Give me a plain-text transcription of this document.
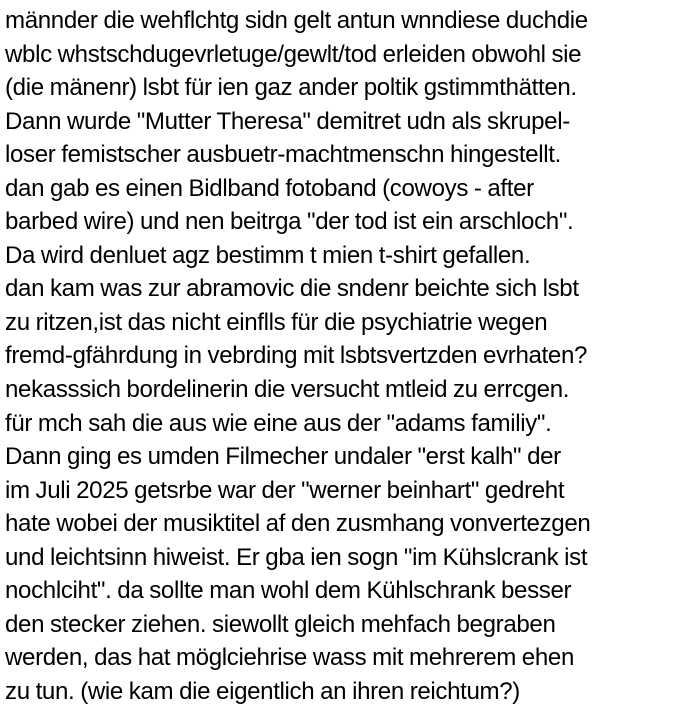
männder die wehflchtg sidn gelt antun wnndiese duchdie
wblc whstschdugevrletuge/gewlt/tod erleiden obwohl sie
(die mänenr) lsbt für ien gaz ander poltik gstimmthätten.
Dann wurde "Mutter Theresa" demitret udn als skrupel-
loser femistscher ausbuetr-machtmenschn hingestellt.
dan gab es einen Bidlband fotoband (cowoys - after
barbed wire) und nen beitrga "der tod ist ein arschloch".
Da wird denluet agz bestimm t mien t-shirt gefallen.
dan kam was zur abramovic die sndenr beichte sich lsbt
zu ritzen,ist das nicht einflls für die psychiatrie wegen
fremd-gfährdung in vebrding mit lsbtsvertzden evrhaten?
nekasssich bordelinerin die versucht mtleid zu errcgen.
für mch sah die aus wie eine aus der "adams familiy".
Dann ging es umden Filmecher undaler "erst kalh" der
im Juli 2025 getsrbe war der "werner beinhart" gedreht
hate wobei der musiktitel af den zusmhang vonvertezgen
und leichtsinn hiweist. Er gba ien sogn "im Kühslcrank ist
nochlciht". da sollte man wohl dem Kühlschrank besser
den stecker ziehen. siewollt gleich mehfach begraben
werden, das hat möglciehrise wass mit mehrerem ehen
zu tun. (wie kam die eigentlich an ihren reichtum?)
